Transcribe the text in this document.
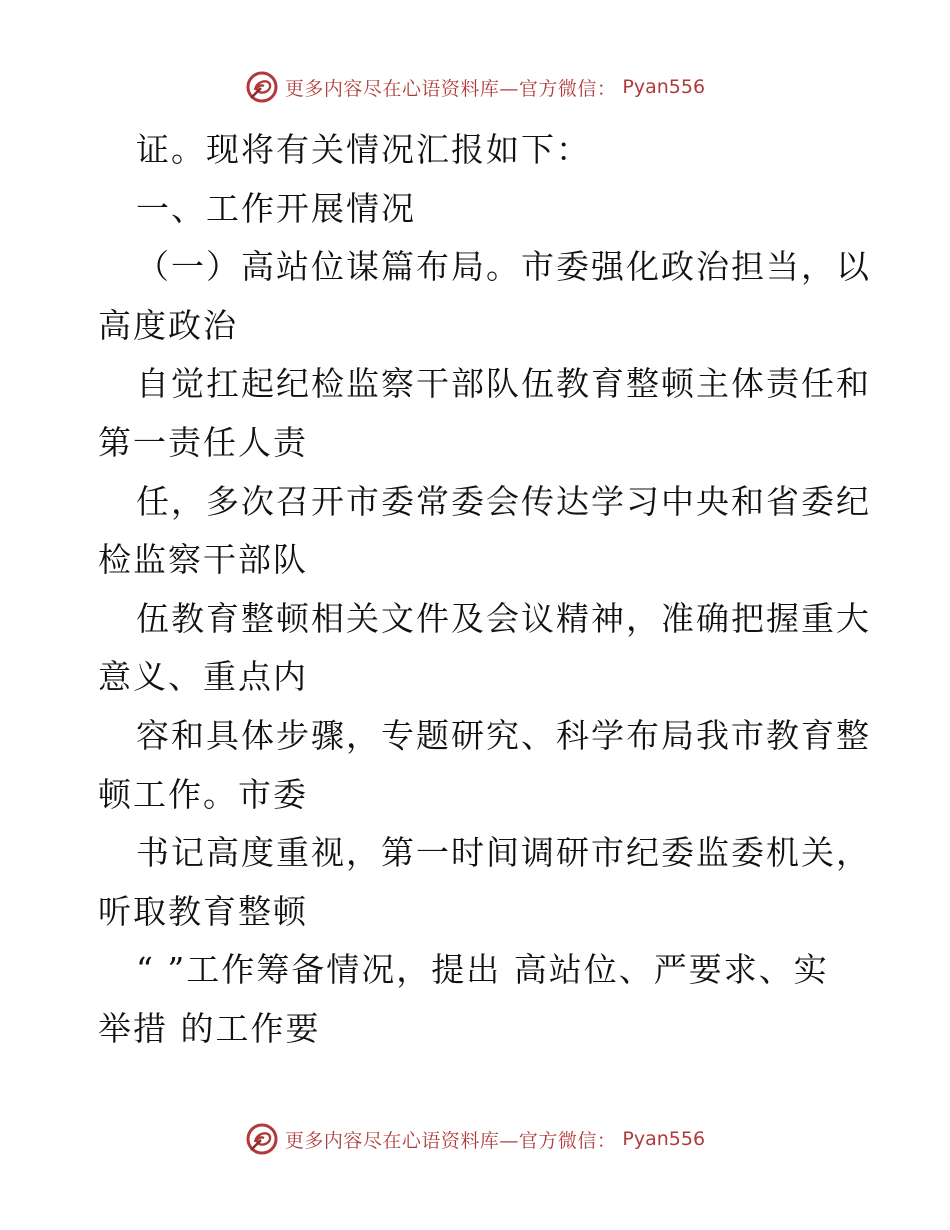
更多内容尽在心语资料库—官方微信： Pyan556
证。现将有关情况汇报如下：
一、工作开展情况
（一）高站位谋篇布局。市委强化政治担当，以
高度政治
自觉扛起纪检监察干部队伍教育整顿主体责任和
第一责任人责
任，多次召开市委常委会传达学习中央和省委纪
检监察干部队
伍教育整顿相关文件及会议精神，准确把握重大
意义、重点内
容和具体步骤，专题研究、科学布局我市教育整
顿工作。市委
书记高度重视，第一时间调研市纪委监委机关，
听取教育整顿
“ ”工作筹备情况，提出 高站位、严要求、实
举措 的工作要
更多内容尽在心语资料库—官方微信： Pyan556
